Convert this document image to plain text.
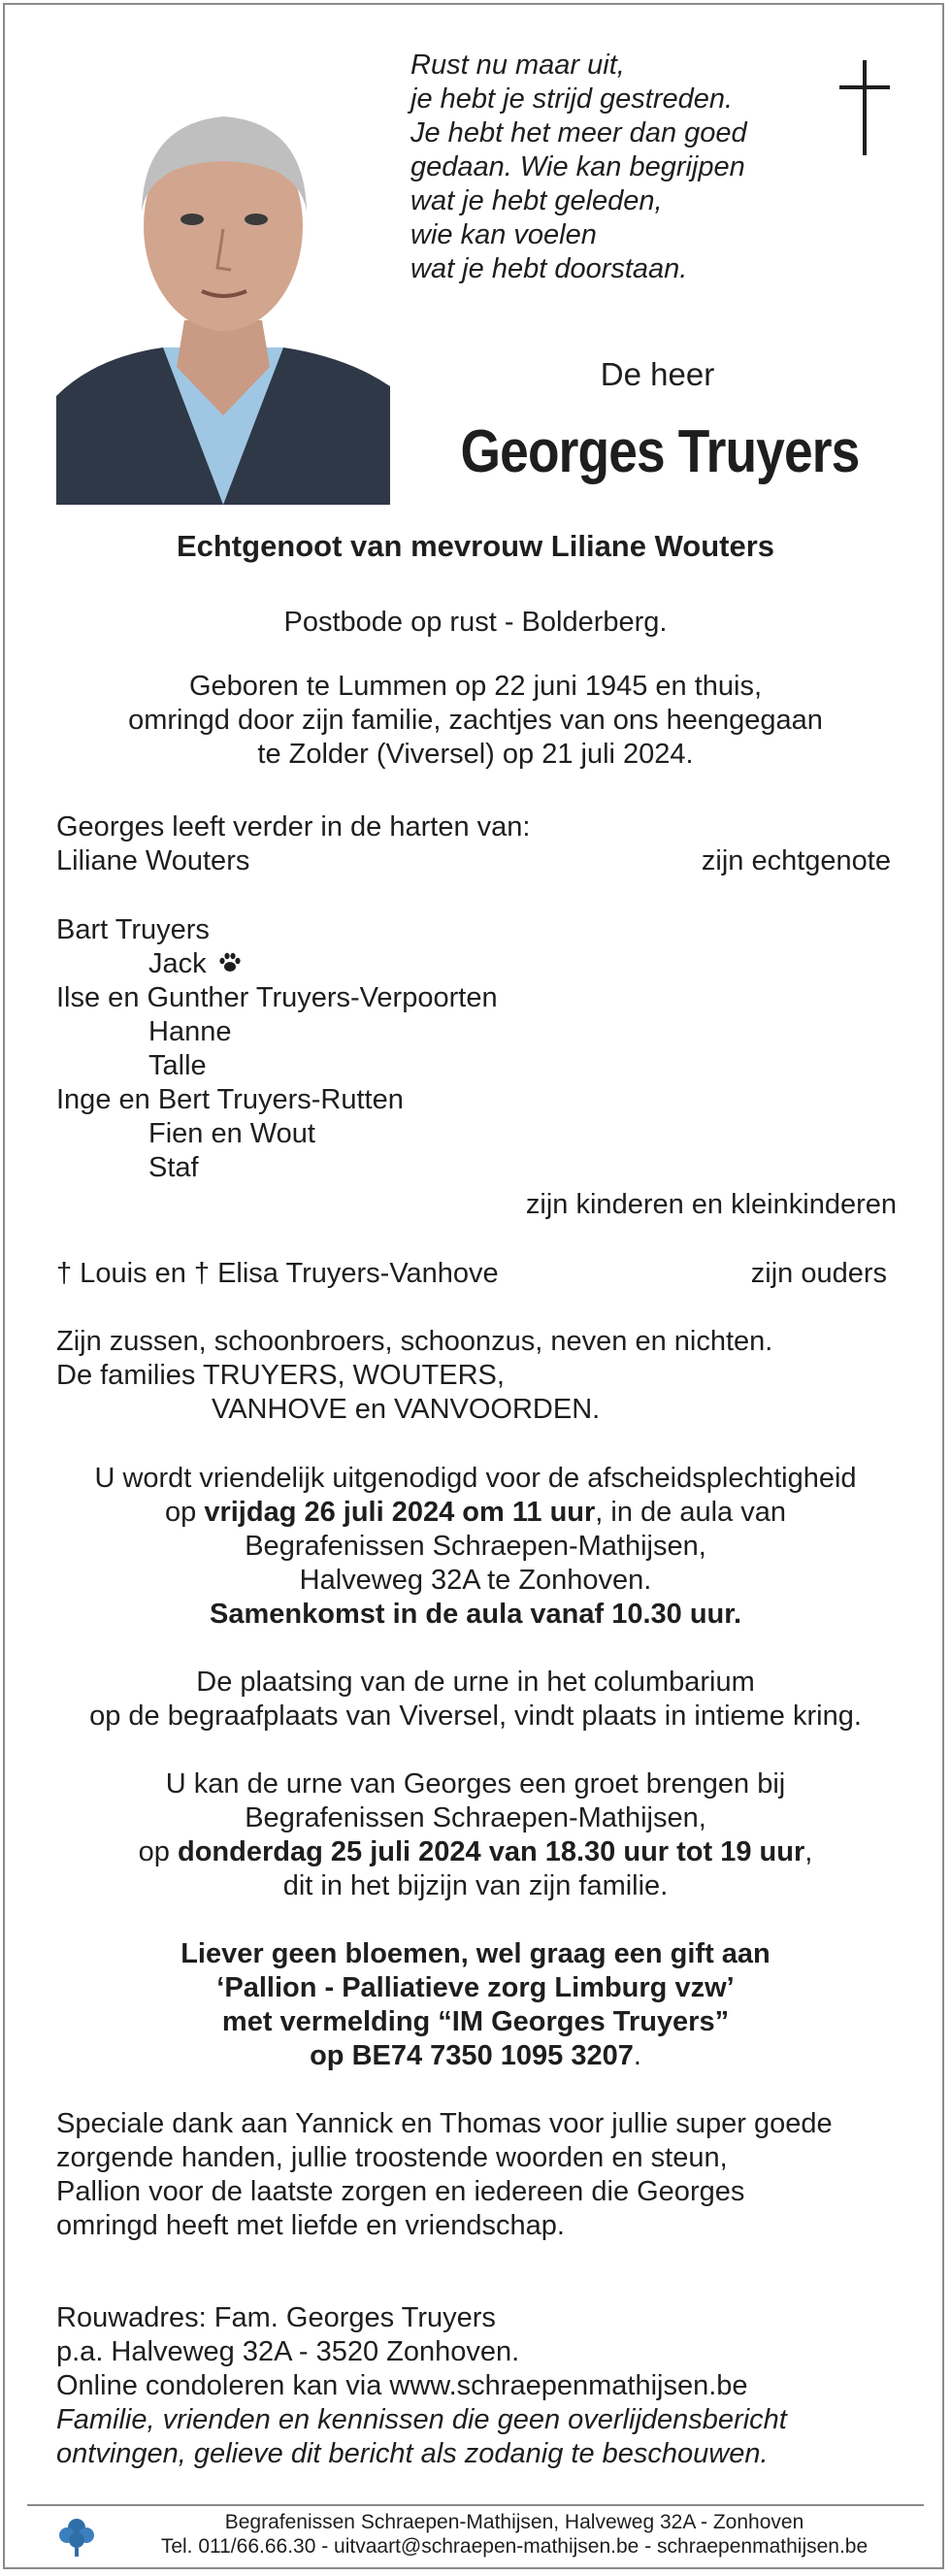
Rust nu maar uit,
je hebt je strijd gestreden.
Je hebt het meer dan goed
gedaan. Wie kan begrijpen
wat je hebt geleden,
wie kan voelen
wat je hebt doorstaan.
De heer
Georges Truyers
Echtgenoot van mevrouw Liliane Wouters
Postbode op rust - Bolderberg.
Geboren te Lummen op 22 juni 1945 en thuis,
omringd door zijn familie, zachtjes van ons heengegaan
te Zolder (Viversel) op 21 juli 2024.
Georges leeft verder in de harten van:
Liliane Wouters	zijn echtgenote
Bart Truyers
Jack
Ilse en Gunther Truyers-Verpoorten
Hanne
Talle
Inge en Bert Truyers-Rutten
Fien en Wout
Staf
zijn kinderen en kleinkinderen
† Louis en † Elisa Truyers-Vanhove	zijn ouders
Zijn zussen, schoonbroers, schoonzus, neven en nichten.
De families TRUYERS, WOUTERS,
VANHOVE en VANVOORDEN.
U wordt vriendelijk uitgenodigd voor de afscheidsplechtigheid
op vrijdag 26 juli 2024 om 11 uur, in de aula van
Begrafenissen Schraepen-Mathijsen,
Halveweg 32A te Zonhoven.
Samenkomst in de aula vanaf 10.30 uur.
De plaatsing van de urne in het columbarium
op de begraafplaats van Viversel, vindt plaats in intieme kring.
U kan de urne van Georges een groet brengen bij
Begrafenissen Schraepen-Mathijsen,
op donderdag 25 juli 2024 van 18.30 uur tot 19 uur,
dit in het bijzijn van zijn familie.
Liever geen bloemen, wel graag een gift aan
‘Pallion - Palliatieve zorg Limburg vzw’
met vermelding “IM Georges Truyers”
op BE74 7350 1095 3207.
Speciale dank aan Yannick en Thomas voor jullie super goede
zorgende handen, jullie troostende woorden en steun,
Pallion voor de laatste zorgen en iedereen die Georges
omringd heeft met liefde en vriendschap.
Rouwadres: Fam. Georges Truyers
p.a. Halveweg 32A - 3520 Zonhoven.
Online condoleren kan via www.schraepenmathijsen.be
Familie, vrienden en kennissen die geen overlijdensbericht
ontvingen, gelieve dit bericht als zodanig te beschouwen.
Begrafenissen Schraepen-Mathijsen, Halveweg 32A - Zonhoven
Tel. 011/66.66.30 - uitvaart@schraepen-mathijsen.be - schraepenmathijsen.be
